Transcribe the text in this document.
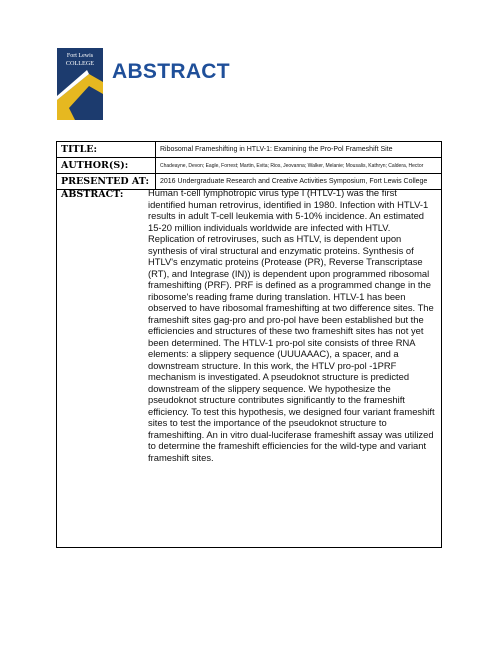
Fort Lewis
COLLEGE ABSTRACT
TITLE:	Ribosomal Frameshifting in HTLV-1: Examining the Pro-Pol Frameshift Site
AUTHOR(S):	Chadeayne, Devon; Eagle, Forrest; Martin, Evita; Rios, Jeovanna; Walker, Melanie; Mousalis, Kathryn; Caldera, Hector
PRESENTED AT: 2016 Undergraduate Research and Creative Activities Symposium, Fort Lewis College
ABSTRACT:	Human t-cell lymphotropic virus type I (HTLV-1) was the first identified human retrovirus, identified in 1980. Infection with HTLV-1 results in adult T-cell leukemia with 5-10% incidence. An estimated 15-20 million individuals worldwide are infected with HTLV. Replication of retroviruses, such as HTLV, is dependent upon synthesis of viral structural and enzymatic proteins. Synthesis of HTLV's enzymatic proteins (Protease (PR), Reverse Transcriptase (RT), and Integrase (IN)) is dependent upon programmed ribosomal frameshifting (PRF). PRF is defined as a programmed change in the ribosome's reading frame during translation. HTLV-1 has been observed to have ribosomal frameshifting at two difference sites. The frameshift sites gag-pro and pro-pol have been established but the efficiencies and structures of these two frameshift sites has not yet been determined. The HTLV-1 pro-pol site consists of three RNA elements: a slippery sequence (UUUAAAC), a spacer, and a downstream structure. In this work, the HTLV pro-pol -1PRF mechanism is investigated. A pseudoknot structure is predicted downstream of the slippery sequence. We hypothesize the pseudoknot structure contributes significantly to the frameshift efficiency. To test this hypothesis, we designed four variant frameshift sites to test the importance of the pseudoknot structure to frameshifting. An in vitro dual-luciferase frameshift assay was utilized to determine the frameshift efficiencies for the wild-type and variant frameshift sites.
